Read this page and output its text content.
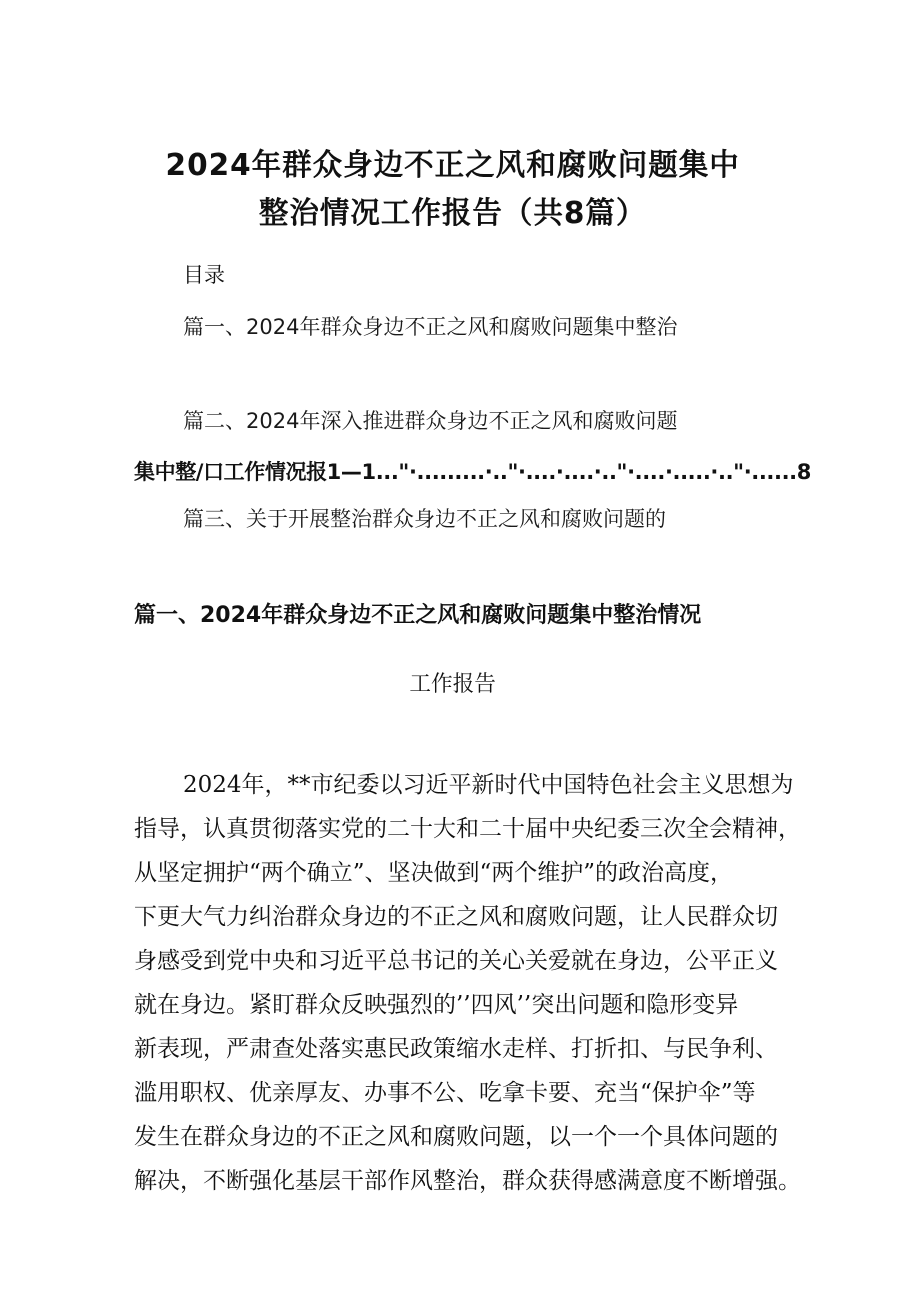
2024年群众身边不正之风和腐败问题集中
整治情况工作报告（共8篇）
目录
篇一、2024年群众身边不正之风和腐败问题集中整治
篇二、2024年深入推进群众身边不正之风和腐败问题
集中整/口工作情况报1—1..."·.........·.."·....·....·.."·....·.....·.."·......8
篇三、关于开展整治群众身边不正之风和腐败问题的
篇一、2024年群众身边不正之风和腐败问题集中整治情况
工作报告
2024年，**市纪委以习近平新时代中国特色社会主义思想为
指导，认真贯彻落实党的二十大和二十届中央纪委三次全会精神，
从坚定拥护“两个确立”、坚决做到“两个维护”的政治高度，
下更大气力纠治群众身边的不正之风和腐败问题，让人民群众切
身感受到党中央和习近平总书记的关心关爱就在身边，公平正义
就在身边。紧盯群众反映强烈的’’四风’’突出问题和隐形变异
新表现，严肃查处落实惠民政策缩水走样、打折扣、与民争利、
滥用职权、优亲厚友、办事不公、吃拿卡要、充当“保护伞”等
发生在群众身边的不正之风和腐败问题，以一个一个具体问题的
解决，不断强化基层干部作风整治，群众获得感满意度不断增强。
